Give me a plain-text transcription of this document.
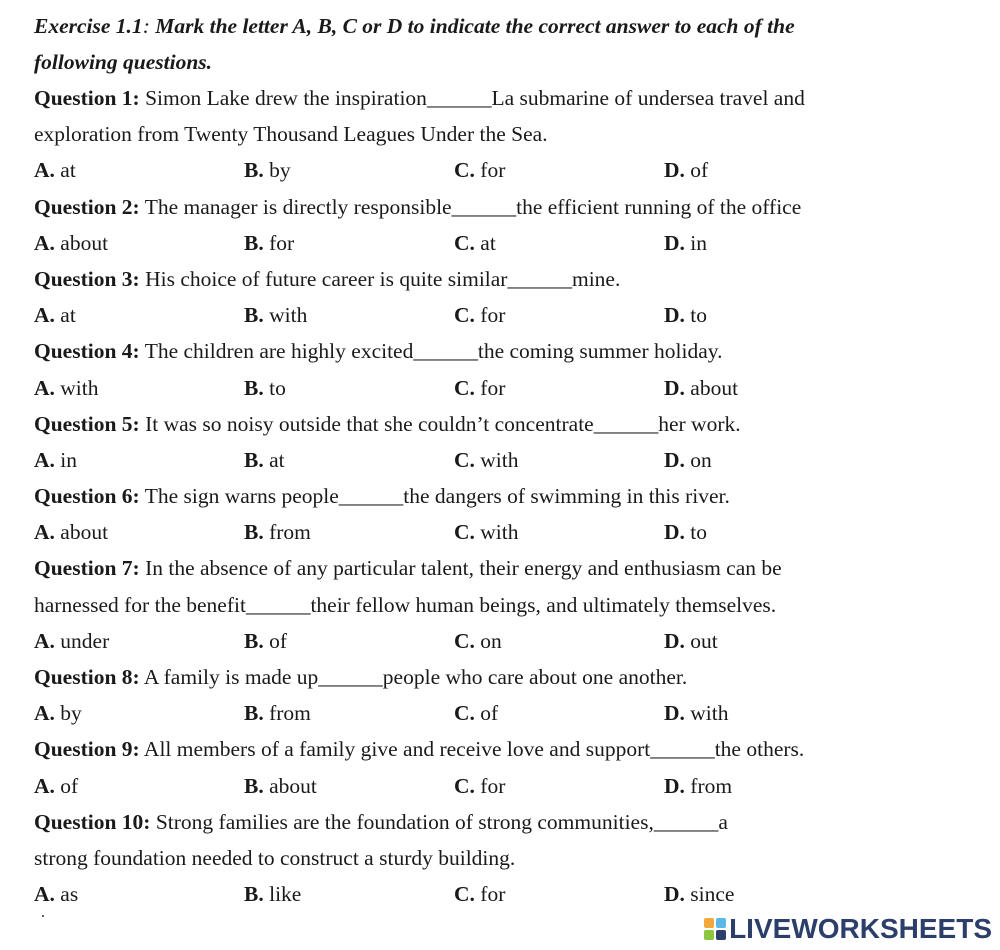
Exercise 1.1: Mark the letter A, B, C or D to indicate the correct answer to each of the
following questions.
Question 1: Simon Lake drew the inspiration______La submarine of undersea travel and
exploration from Twenty Thousand Leagues Under the Sea.
A. at	B. by	C. for	D. of
Question 2: The manager is directly responsible______the efficient running of the office
A. about	B. for	C. at	D. in
Question 3: His choice of future career is quite similar______mine.
A. at	B. with	C. for	D. to
Question 4: The children are highly excited______the coming summer holiday.
A. with	B. to	C. for	D. about
Question 5: It was so noisy outside that she couldn’t concentrate______her work.
A. in	B. at	C. with	D. on
Question 6: The sign warns people______the dangers of swimming in this river.
A. about	B. from	C. with	D. to
Question 7: In the absence of any particular talent, their energy and enthusiasm can be
harnessed for the benefit______their fellow human beings, and ultimately themselves.
A. under	B. of	C. on	D. out
Question 8: A family is made up______people who care about one another.
A. by	B. from	C. of	D. with
Question 9: All members of a family give and receive love and support______the others.
A. of	B. about	C. for	D. from
Question 10: Strong families are the foundation of strong communities,______a
strong foundation needed to construct a sturdy building.
A. as	B. like	C. for	D. since
LIVEWORKSHEETS
